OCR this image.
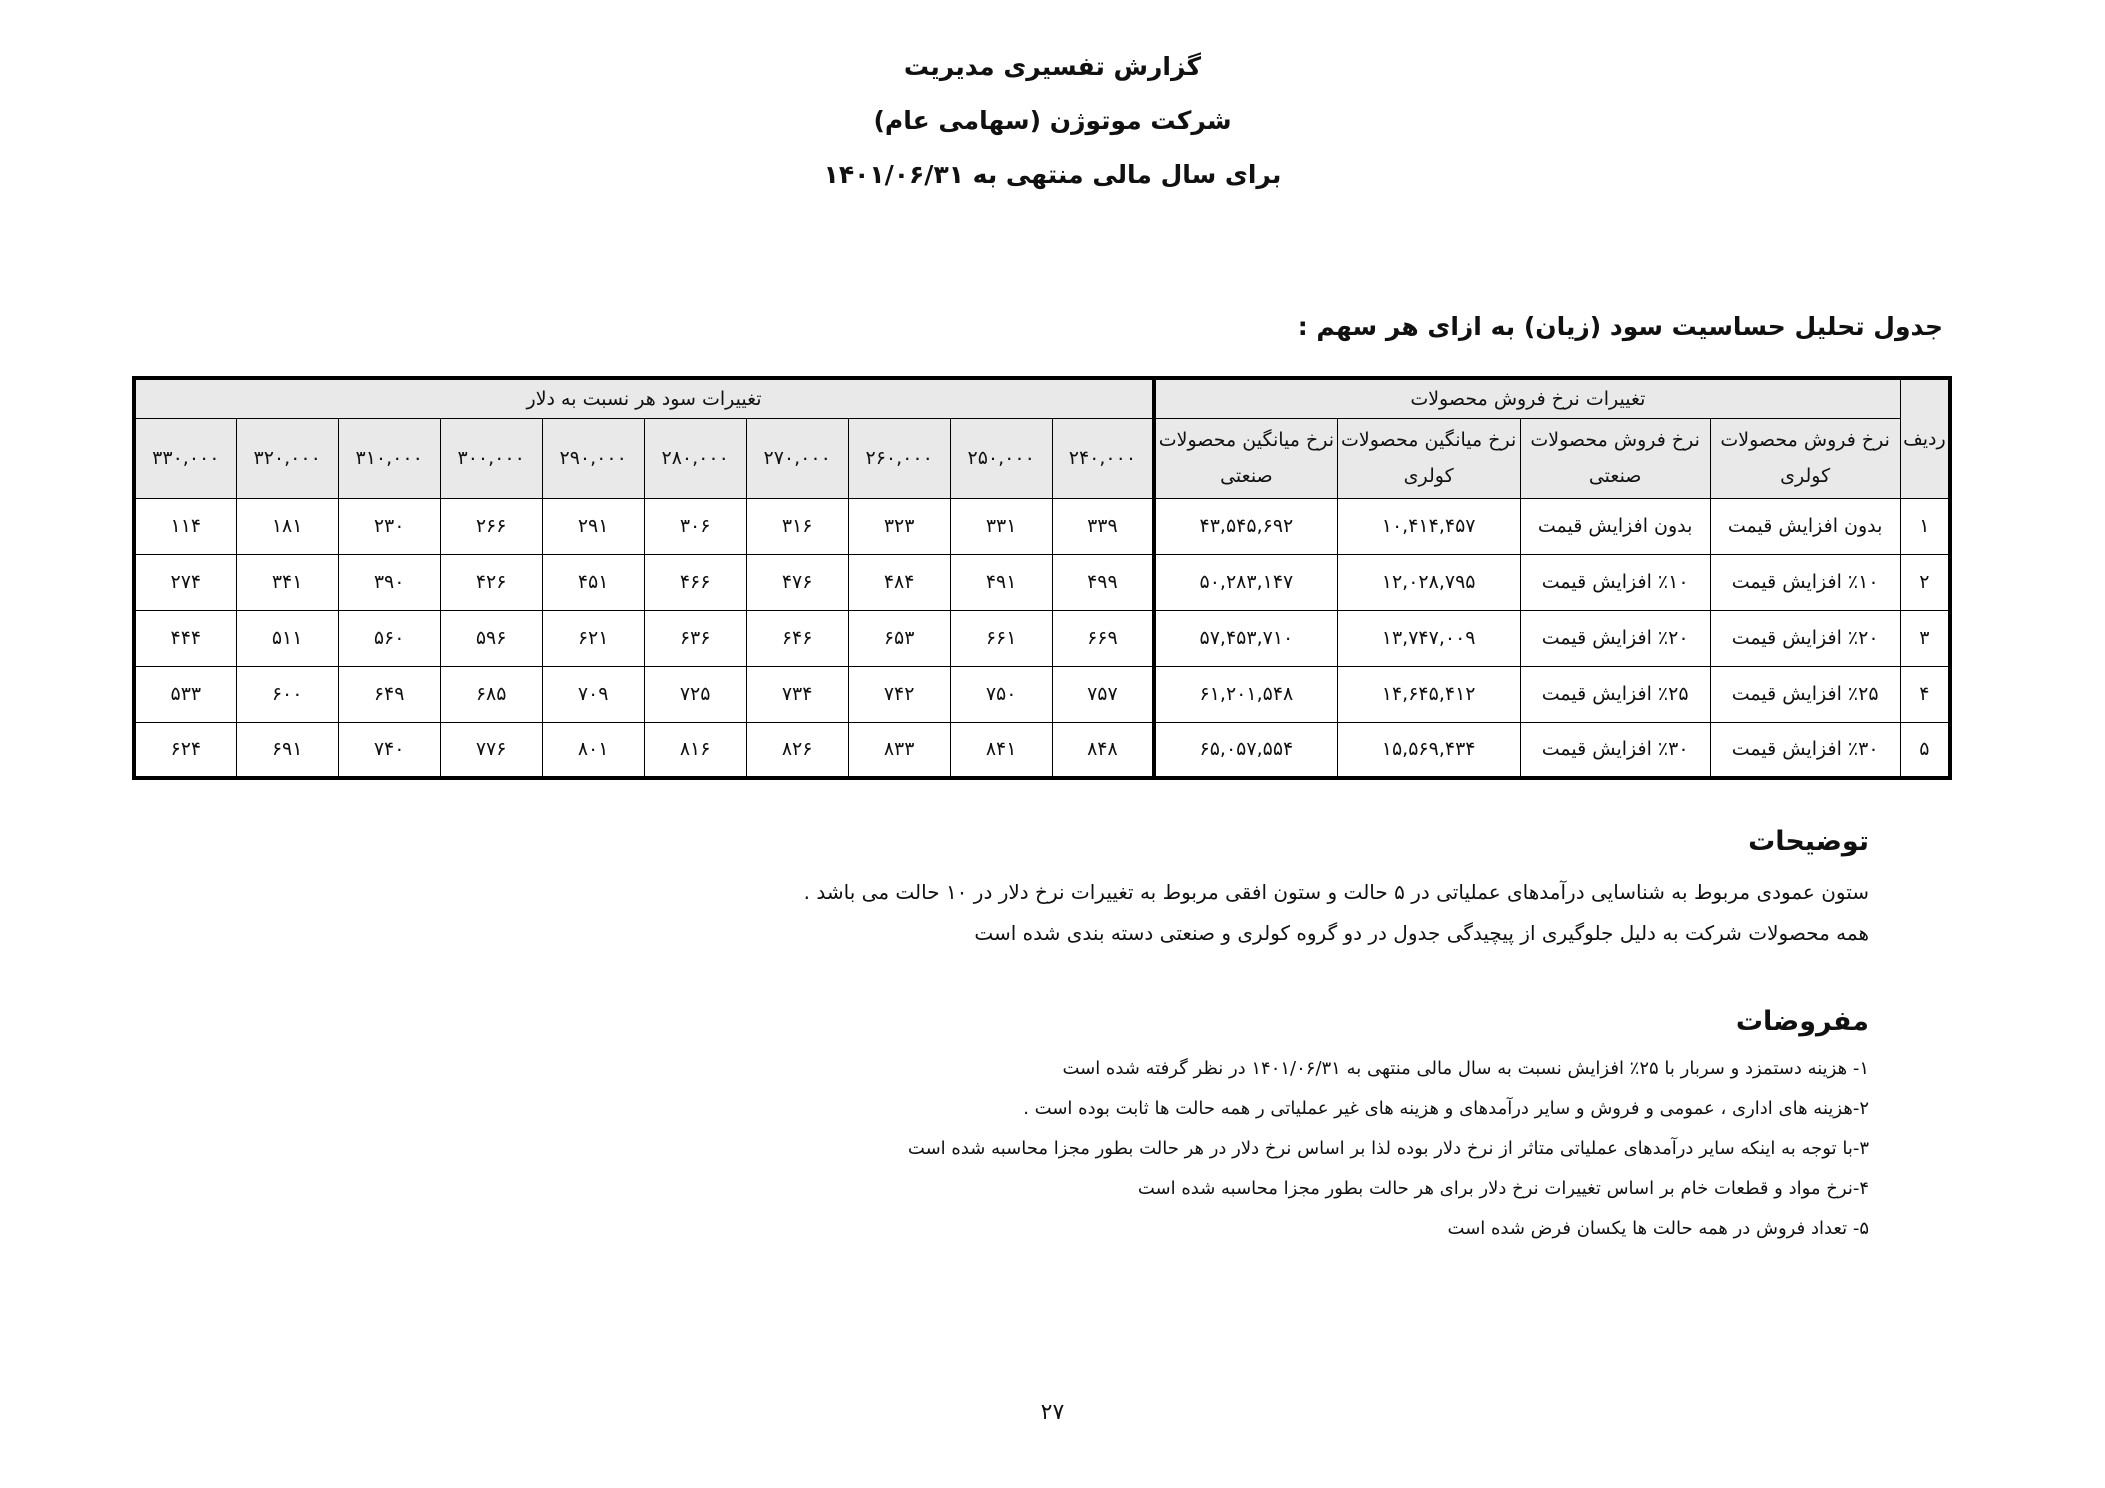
گزارش تفسیری مدیریت
شرکت موتوژن (سهامی عام)
برای سال مالی منتهی به ۱۴۰۱/۰۶/۳۱
جدول تحلیل حساسیت سود (زیان) به ازای هر سهم :
ردیف	تغییرات نرخ فروش محصولات				تغییرات سود هر نسبت به دلار									
	نرخ فروش محصولات کولری	نرخ فروش محصولات صنعتی	نرخ میانگین محصولات کولری	نرخ میانگین محصولات صنعتی	۲۴۰,۰۰۰	۲۵۰,۰۰۰	۲۶۰,۰۰۰	۲۷۰,۰۰۰	۲۸۰,۰۰۰	۲۹۰,۰۰۰	۳۰۰,۰۰۰	۳۱۰,۰۰۰	۳۲۰,۰۰۰	۳۳۰,۰۰۰
۱	بدون افزایش قیمت	بدون افزایش قیمت	۱۰,۴۱۴,۴۵۷	۴۳,۵۴۵,۶۹۲	۳۳۹	۳۳۱	۳۲۳	۳۱۶	۳۰۶	۲۹۱	۲۶۶	۲۳۰	۱۸۱	۱۱۴
۲	٪۱۰ افزایش قیمت	٪۱۰ افزایش قیمت	۱۲,۰۲۸,۷۹۵	۵۰,۲۸۳,۱۴۷	۴۹۹	۴۹۱	۴۸۴	۴۷۶	۴۶۶	۴۵۱	۴۲۶	۳۹۰	۳۴۱	۲۷۴
۳	٪۲۰ افزایش قیمت	٪۲۰ افزایش قیمت	۱۳,۷۴۷,۰۰۹	۵۷,۴۵۳,۷۱۰	۶۶۹	۶۶۱	۶۵۳	۶۴۶	۶۳۶	۶۲۱	۵۹۶	۵۶۰	۵۱۱	۴۴۴
۴	٪۲۵ افزایش قیمت	٪۲۵ افزایش قیمت	۱۴,۶۴۵,۴۱۲	۶۱,۲۰۱,۵۴۸	۷۵۷	۷۵۰	۷۴۲	۷۳۴	۷۲۵	۷۰۹	۶۸۵	۶۴۹	۶۰۰	۵۳۳
۵	٪۳۰ افزایش قیمت	٪۳۰ افزایش قیمت	۱۵,۵۶۹,۴۳۴	۶۵,۰۵۷,۵۵۴	۸۴۸	۸۴۱	۸۳۳	۸۲۶	۸۱۶	۸۰۱	۷۷۶	۷۴۰	۶۹۱	۶۲۴
توضیحات
ستون عمودی مربوط به شناسایی درآمدهای عملیاتی در ۵ حالت و ستون افقی مربوط به تغییرات نرخ دلار در ۱۰ حالت می باشد .
همه محصولات شرکت به دلیل جلوگیری از پیچیدگی جدول در دو گروه کولری و صنعتی دسته بندی شده است
مفروضات
۱- هزینه دستمزد و سربار با ۲۵٪ افزایش نسبت به سال مالی منتهی به ۱۴۰۱/۰۶/۳۱ در نظر گرفته شده است
۲-هزینه های اداری ، عمومی و فروش و سایر درآمدهای و هزینه های غیر عملیاتی ر همه حالت ها ثابت بوده است .
۳-با توجه به اینکه سایر درآمدهای عملیاتی متاثر از نرخ دلار بوده لذا بر اساس نرخ دلار در هر حالت بطور مجزا محاسبه شده است
۴-نرخ مواد و قطعات خام بر اساس تغییرات نرخ دلار برای هر حالت بطور مجزا محاسبه شده است
۵- تعداد فروش در همه حالت ها یکسان فرض شده است
۲۷
